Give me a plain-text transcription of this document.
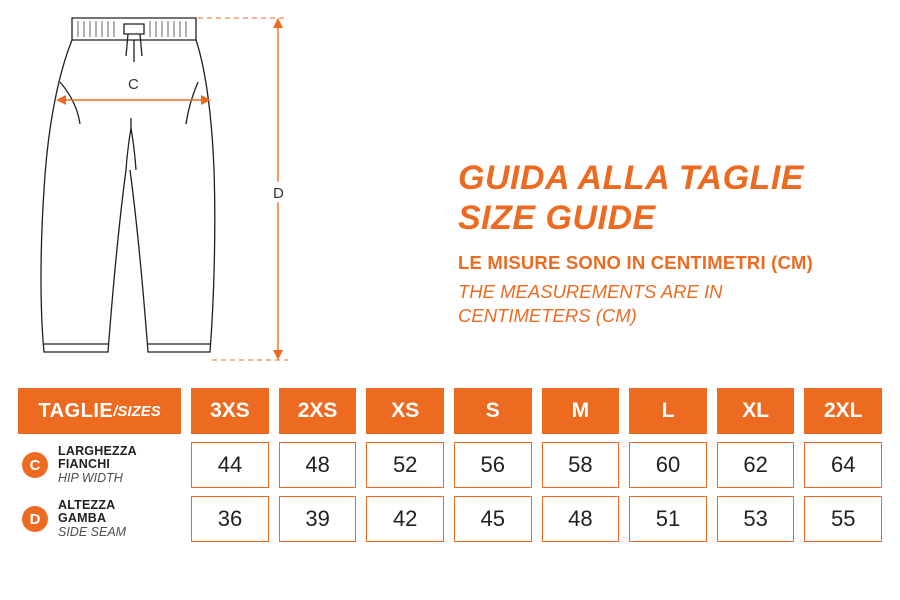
C
D	GUIDA ALLA TAGLIE
SIZE GUIDE
LE MISURE SONO IN CENTIMETRI (CM)
THE MEASUREMENTS ARE IN
CENTIMETERS (CM)
TAGLIE / SIZES	3XS	2XS	XS	S	M	L	XL	2XL
C
LARGHEZZA
FIANCHI
HIP WIDTH
44	48	52	56	58	60	62	64
D
ALTEZZA
GAMBA
SIDE SEAM
36	39	42	45	48	51	53	55
